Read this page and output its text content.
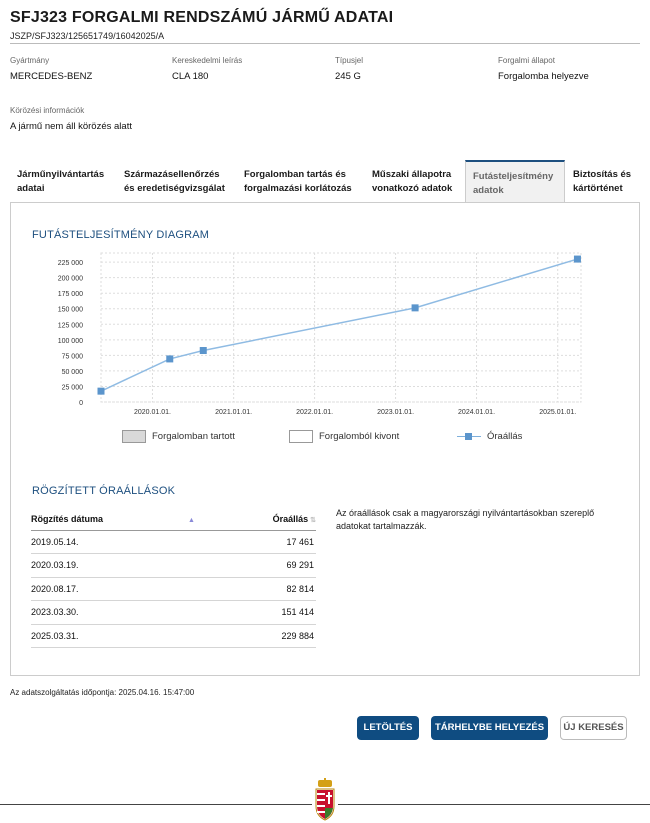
SFJ323 FORGALMI RENDSZÁMÚ JÁRMŰ ADATAI
JSZP/SFJ323/125651749/16042025/A
Gyártmány
MERCEDES-BENZ
Kereskedelmi leírás
CLA 180
Típusjel
245 G
Forgalmi állapot
Forgalomba helyezve
Körözési információk
A jármű nem áll körözés alatt
Járműnyilvántartás
adatai
Származásellenőrzés
és eredetiségvizsgálat
Forgalomban tartás és
forgalmazási korlátozás
Műszaki állapotra
vonatkozó adatok
Futásteljesítmény
adatok
Biztosítás és
kártörténet
FUTÁSTELJESÍTMÉNY DIAGRAM
0
25 000
50 000
75 000
100 000
125 000
150 000
175 000
200 000
225 000
2020.01.01.	2021.01.01.	2022.01.01.	2023.01.01.	2024.01.01.	2025.01.01.
Forgalomban tartott	Forgalomból kivont	Óraállás
RÖGZÍTETT ÓRAÁLLÁSOK
Rögzítés dátuma ▲	Óraállás ⇅
2019.05.14.	17 461
2020.03.19.	69 291
2020.08.17.	82 814
2023.03.30.	151 414
2025.03.31.	229 884
Az óraállások csak a magyarországi nyilvántartásokban szereplő adatokat tartalmazzák.
Az adatszolgáltatás időpontja: 2025.04.16. 15:47:00
LETÖLTÉS	TÁRHELYBE HELYEZÉS	ÚJ KERESÉS
